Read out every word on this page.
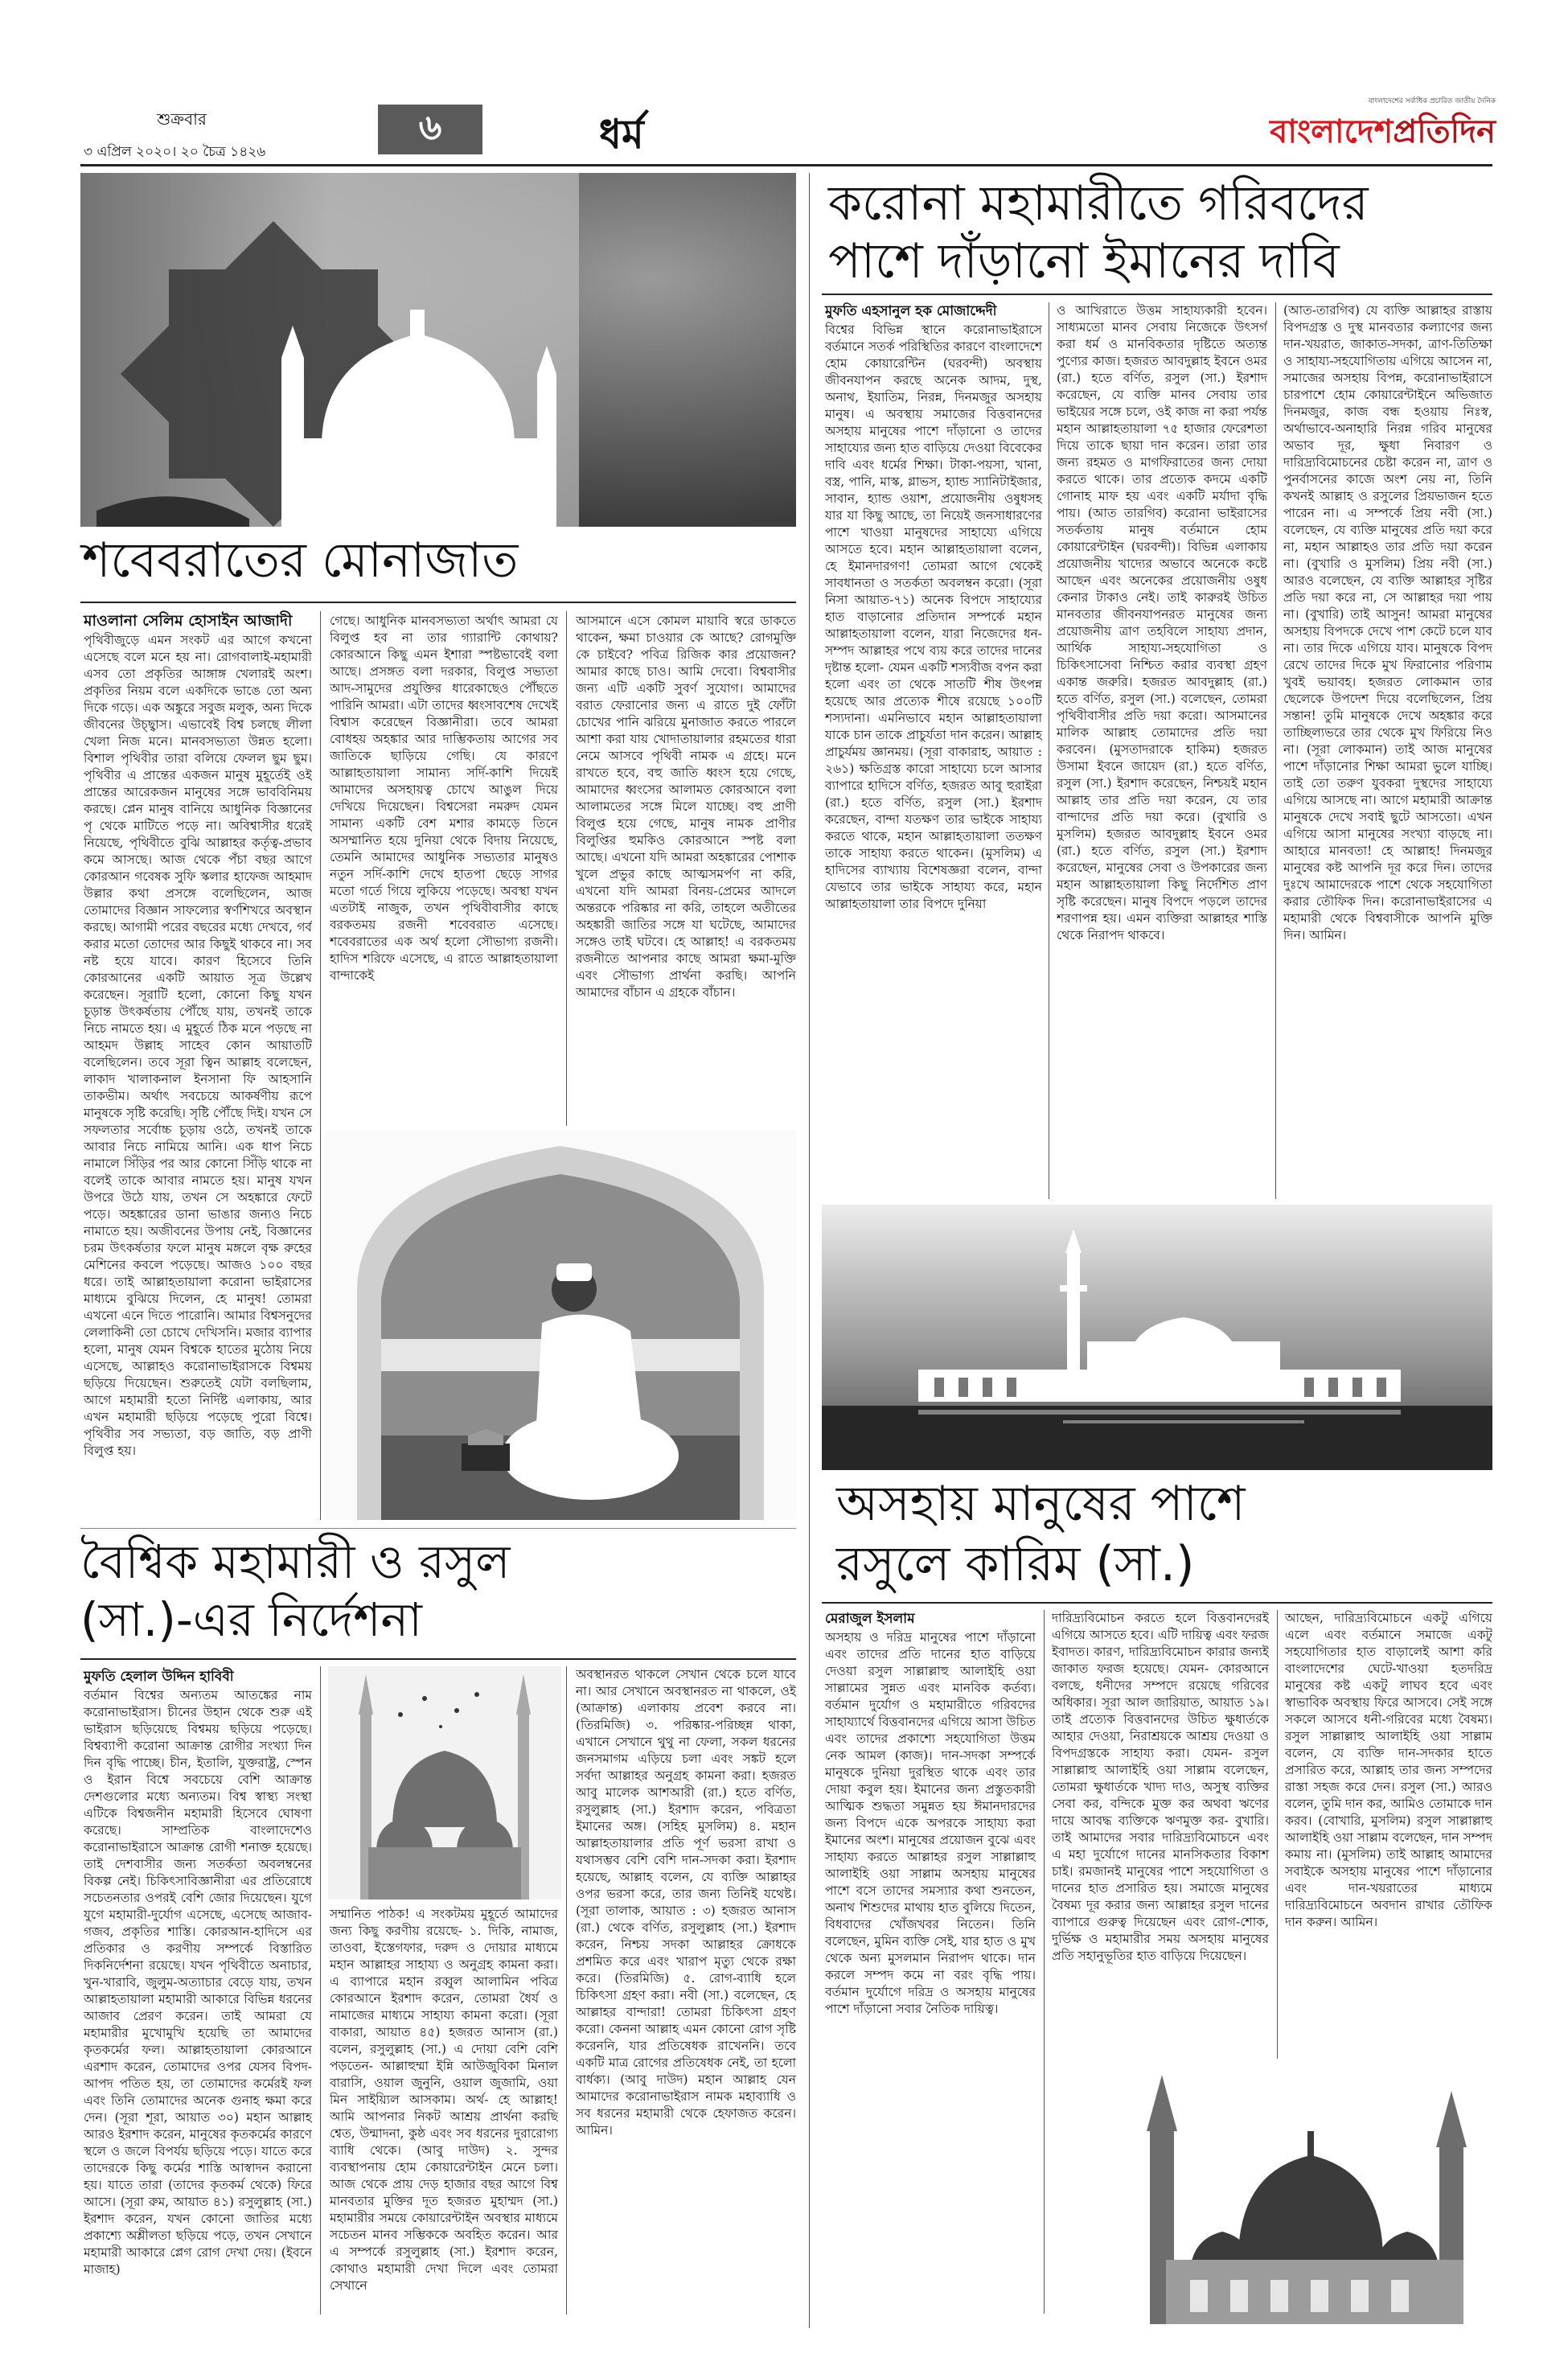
শুক্রবার
৩ এপ্রিল ২০২০। ২০ চৈত্র ১৪২৬
৬	ধর্ম
বাংলাদেশের সর্বাধিক প্রচারিত জাতীয় দৈনিক
বাংলাদেশপ্রতিদিন
শবেবরাতের মোনাজাত
মাওলানা সেলিম হোসাইন আজাদী

পৃথিবীজুড়ে এমন সংকট এর আগে কখনো এসেছে বলে মনে হয় না। রোগবালাই-মহামারী এসব তো প্রকৃতির আঙ্গাঙ্গ খেলারই অংশ। প্রকৃতির নিয়ম বলে একদিকে ভাঙে তো অন্য দিকে গড়ে। এক অঙ্কুরে সবুজ মলুক, অন্য দিকে জীবনের উচ্ছ্বাস। এভাবেই বিশ্ব চলছে লীলা খেলা নিজ মনে। মানবসভ্যতা উন্নত হলো। বিশাল পৃথিবীর তারা বলিয়ে ফেলল ছুম ছুম। পৃথিবীর এ প্রান্তের একজন মানুষ মুহূর্তেই ওই প্রান্তের আরেকজন মানুষের সঙ্গে ভাববিনিময় করছে। প্লেন মানুষ বানিয়ে আধুনিক বিজ্ঞানের পৃ থেকে মাটিতে পড়ে না। অবিশ্বাসীর ধরেই নিয়েছে, পৃথিবীতে বুঝি আল্লাহর কর্তৃত্ব-প্রভাব কমে আসছে। আজ থেকে পঁচা বছর আগে কোরআন গবেষক সুফি স্কলার হাফেজ আহমাদ উল্লার কথা প্রসঙ্গে বলেছিলেন, আজ তোমাদের বিজ্ঞান সাফল্যের স্বর্ণশিখরে অবস্থান করছে। আগামী পরের বছরের মধ্যে দেখবে, গর্ব করার মতো তোদের আর কিছুই থাকবে না। সব নষ্ট হয়ে যাবে। কারণ হিসেবে তিনি কোরআনের একটি আয়াত সূত্র উল্লেখ করেছেন। সূরাটি হলো, কোনো কিছু যখন চূড়ান্ত উৎকর্ষতায় পৌঁছে যায়, তখনই তাকে নিচে নামতে হয়। এ মুহূর্তে ঠিক মনে পড়ছে না আহমদ উল্লাহ সাহেব কোন আয়াতটি বলেছিলেন। তবে সূরা ত্বিন আল্লাহ বলেছেন, লাকাদ খালাকনাল ইনসানা ফি আহসানি তাকভীম। অর্থাৎ সবচেয়ে আকর্ষণীয় রূপে মানুষকে সৃষ্টি করেছি। সৃষ্টি পৌঁছে দিই। যখন সে সফলতার সর্বোচ্চ চূড়ায় ওঠে, তখনই তাকে আবার নিচে নামিয়ে আনি। এক ধাপ নিচে নামালে সিঁড়ির পর আর কোনো সিঁড়ি থাকে না বলেই তাকে আবার নামতে হয়। মানুষ যখন উপরে উঠে যায়, তখন সে অহঙ্কারে ফেটে পড়ে। অহঙ্কারের ডানা ভাঙার জন্যও নিচে নামাতে হয়। অজীবনের উপায় নেই, বিজ্ঞানের চরম উৎকর্ষতার ফলে মানুষ মঙ্গলে বৃক্ষ রুহের মেশিনের কবলে পড়েছে। আজও ১০০ বছর ধরে। তাই আল্লাহতায়ালা করোনা ভাইরাসের মাধ্যমে বুঝিয়ে দিলেন, হে মানুষ! তোমরা এখনো এনে দিতে পারোনি। আমার বিশ্বসনুদের লেলাকিনী তো চোখে দেখিসনি। মজার ব্যাপার হলো, মানুষ যেমন বিশ্বকে হাতের মুঠোয় নিয়ে এসেছে, আল্লাহও করোনাভাইরাসকে বিশ্বময় ছড়িয়ে দিয়েছেন। শুরুতেই যেটা বলছিলাম, আগে মহামারী হতো নির্দিষ্ট এলাকায়, আর এখন মহামারী ছড়িয়ে পড়েছে পুরো বিশ্বে। পৃথিবীর সব সভ্যতা, বড় জাতি, বড় প্রাণী বিলুপ্ত হয়।

গেছে। আধুনিক মানবসভ্যতা অর্থাৎ আমরা যে বিলুপ্ত হব না তার গ্যারান্টি কোথায়? কোরআনে কিছু এমন ইশারা স্পষ্টভাবেই বলা আছে। প্রসঙ্গত বলা দরকার, বিলুপ্ত সভ্যতা আদ-সামুদের প্রযুক্তির ধারেকাছেও পৌঁছতে পারিনি আমরা। এটা তাদের ধ্বংসাবশেষ দেখেই বিশ্বাস করেছেন বিজ্ঞানীরা। তবে আমরা বোধহয় অহঙ্কার আর দাম্ভিকতায় আগের সব জাতিকে ছাড়িয়ে গেছি। যে কারণে আল্লাহতায়ালা সামান্য সর্দি-কাশি দিয়েই আমাদের অসহায়ত্ব চোখে আঙুল দিয়ে দেখিয়ে দিয়েছেন। বিশ্বসেরা নমরুদ যেমন সামান্য একটি বেশ মশার কামড়ে তিনে অসম্মানিত হয়ে দুনিয়া থেকে বিদায় নিয়েছে, তেমনি আমাদের আধুনিক সভ্যতার মানুষও নতুন সর্দি-কাশি দেখে হাতপা ছেড়ে সাগর মতো গর্তে গিয়ে লুকিয়ে পড়েছে। অবস্থা যখন এতটাই নাজুক, তখন পৃথিবীবাসীর কাছে বরকতময় রজনী শবেবরাত এসেছে। শবেবরাতের এক অর্থ হলো সৌভাগ্য রজনী। হাদিস শরিফে এসেছে, এ রাতে আল্লাহতায়ালা বান্দাকেই

আসমানে এসে কোমল মায়াবি স্বরে ডাকতে থাকেন, ক্ষমা চাওয়ার কে আছে? রোগমুক্তি কে চাইবে? পবিত্র রিজিক কার প্রয়োজন? আমার কাছে চাও। আমি দেবো। বিশ্ববাসীর জন্য এটি একটি সুবর্ণ সুযোগ। আমাদের বরাত ফেরানোর জন্য এ রাতে দুই ফোঁটা চোখের পানি ঝরিয়ে মুনাজাত করতে পারলে আশা করা যায় খোদাতায়ালার রহমতের ধারা নেমে আসবে পৃথিবী নামক এ গ্রহে। মনে রাখতে হবে, বহু জাতি ধ্বংস হয়ে গেছে, আমাদের ধ্বংসের আলামত কোরআনে বলা আলামতের সঙ্গে মিলে যাচ্ছে। বহু প্রাণী বিলুপ্ত হয়ে গেছে, মানুষ নামক প্রাণীর বিলুপ্তির হুমকিও কোরআনে স্পষ্ট বলা আছে। এখনো যদি আমরা অহঙ্কারের পোশাক খুলে প্রভুর কাছে আত্মসমর্পণ না করি, এখনো যদি আমরা বিনয়-প্রেমের আদলে অন্তরকে পরিষ্কার না করি, তাহলে অতীতের অহঙ্কারী জাতির সঙ্গে যা ঘটেছে, আমাদের সঙ্গেও তাই ঘটবে। হে আল্লাহ! এ বরকতময় রজনীতে আপনার কাছে আমরা ক্ষমা-মুক্তি এবং সৌভাগ্য প্রার্থনা করছি। আপনি আমাদের বাঁচান এ গ্রহকে বাঁচান।

করোনা মহামারীতে গরিবদের
পাশে দাঁড়ানো ইমানের দাবি
মুফতি এহসানুল হক মোজাদ্দেদী

বিশ্বের বিভিন্ন স্থানে করোনাভাইরাসে বর্তমানে সতর্ক পরিস্থিতির কারণে বাংলাদেশে হোম কোয়ারেন্টিন (ঘরবন্দী) অবস্থায় জীবনযাপন করছে অনেক আদম, দুস্থ, অনাথ, ইয়াতিম, নিরন্ন, দিনমজুর অসহায় মানুষ। এ অবস্থায় সমাজের বিত্তবানদের অসহায় মানুষের পাশে দাঁড়ানো ও তাদের সাহায্যের জন্য হাত বাড়িয়ে দেওয়া বিবেকের দাবি এবং ধর্মের শিক্ষা। টাকা-পয়সা, খানা, বস্ত্র, পানি, মাস্ক, গ্লাভস, হ্যান্ড স্যানিটাইজার, সাবান, হ্যান্ড ওয়াশ, প্রয়োজনীয় ওষুধসহ যার যা কিছু আছে, তা নিয়েই জনসাধারণের পাশে খাওয়া মানুষদের সাহায্যে এগিয়ে আসতে হবে। মহান আল্লাহতায়ালা বলেন, হে ইমানদারগণ! তোমরা আগে থেকেই সাবধানতা ও সতর্কতা অবলম্বন করো। (সূরা নিসা আয়াত-৭১) অনেক বিপদে সাহায্যের হাত বাড়ানোর প্রতিদান সম্পর্কে মহান আল্লাহতায়ালা বলেন, যারা নিজেদের ধন-সম্পদ আল্লাহর পথে ব্যয় করে তাদের দানের দৃষ্টান্ত হলো- যেমন একটি শস্যবীজ বপন করা হলো এবং তা থেকে সাতটি শীষ উৎপন্ন হয়েছে আর প্রত্যেক শীষে রয়েছে ১০০টি শস্যদানা। এমনিভাবে মহান আল্লাহতায়ালা যাকে চান তাকে প্রাচুর্যতা দান করেন। আল্লাহ প্রাচুর্যময় জ্ঞানময়। (সূরা বাকারাহ, আয়াত : ২৬১) ক্ষতিগ্রস্ত কারো সাহায্যে চলে আসার ব্যাপারে হাদিসে বর্ণিত, হজরত আবু হুরাইরা (রা.) হতে বর্ণিত, রসুল (সা.) ইরশাদ করেছেন, বান্দা যতক্ষণ তার ভাইকে সাহায্য করতে থাকে, মহান আল্লাহতায়ালা ততক্ষণ তাকে সাহায্য করতে থাকেন। (মুসলিম) এ হাদিসের ব্যাখ্যায় বিশেষজ্ঞরা বলেন, বান্দা যেভাবে তার ভাইকে সাহায্য করে, মহান আল্লাহতায়ালা তার বিপদে দুনিয়া

ও আখিরাতে উত্তম সাহায্যকারী হবেন। সাধ্যমতো মানব সেবায় নিজেকে উৎসর্গ করা ধর্ম ও মানবিকতার দৃষ্টিতে অত্যন্ত পুণ্যের কাজ। হজরত আবদুল্লাহ ইবনে ওমর (রা.) হতে বর্ণিত, রসুল (সা.) ইরশাদ করেছেন, যে ব্যক্তি মানব সেবায় তার ভাইয়ের সঙ্গে চলে, ওই কাজ না করা পর্যন্ত মহান আল্লাহতায়ালা ৭৫ হাজার ফেরেশতা দিয়ে তাকে ছায়া দান করেন। তারা তার জন্য রহমত ও মাগফিরাতের জন্য দোয়া করতে থাকে। তার প্রত্যেক কদমে একটি গোনাহ মাফ হয় এবং একটি মর্যাদা বৃদ্ধি পায়। (আত তারগিব) করোনা ভাইরাসের সতর্কতায় মানুষ বর্তমানে হোম কোয়ারেন্টাইন (ঘরবন্দী)। বিভিন্ন এলাকায় প্রয়োজনীয় খাদ্যের অভাবে অনেকে কষ্টে আছেন এবং অনেকের প্রয়োজনীয় ওষুধ কেনার টাকাও নেই। তাই কারুরই উচিত মানবতার জীবনযাপনরত মানুষের জন্য প্রয়োজনীয় ত্রাণ তহবিলে সাহায্য প্রদান, আর্থিক সাহায্য-সহযোগিতা ও চিকিৎসাসেবা নিশ্চিত করার ব্যবস্থা গ্রহণ একান্ত জরুরি। হজরত আবদুল্লাহ (রা.) হতে বর্ণিত, রসুল (সা.) বলেছেন, তোমরা পৃথিবীবাসীর প্রতি দয়া করো। আসমানের মালিক আল্লাহ তোমাদের প্রতি দয়া করবেন। (মুসতাদরাকে হাকিম) হজরত উসামা ইবনে জায়েদ (রা.) হতে বর্ণিত, রসুল (সা.) ইরশাদ করেছেন, নিশ্চয়ই মহান আল্লাহ তার প্রতি দয়া করেন, যে তার বান্দাদের প্রতি দয়া করে। (বুখারি ও মুসলিম) হজরত আবদুল্লাহ ইবনে ওমর (রা.) হতে বর্ণিত, রসুল (সা.) ইরশাদ করেছেন, মানুষের সেবা ও উপকারের জন্য মহান আল্লাহতায়ালা কিছু নির্দেশিত প্রাণ সৃষ্টি করেছেন। মানুষ বিপদে পড়লে তাদের শরণাপন্ন হয়। এমন ব্যক্তিরা আল্লাহর শাস্তি থেকে নিরাপদ থাকবে।

(আত-তারগিব) যে ব্যক্তি আল্লাহর রাস্তায় বিপদগ্রস্ত ও দুস্থ মানবতার কল্যাণের জন্য দান-খয়রাত, জাকাত-সদকা, ত্রাণ-তিতিক্ষা ও সাহায্য-সহযোগিতায় এগিয়ে আসেন না, সমাজের অসহায় বিপন্ন, করোনাভাইরাসে চারপাশে হোম কোয়ারেন্টাইনে অভিজাত দিনমজুর, কাজ বন্ধ হওয়ায় নিঃস্ব, অর্থাভাবে-অনাহারি নিরন্ন গরিব মানুষের অভাব দূর, ক্ষুধা নিবারণ ও দারিদ্র্যবিমোচনের চেষ্টা করেন না, ত্রাণ ও পুনর্বাসনের কাজে অংশ নেয় না, তিনি কখনই আল্লাহ ও রসুলের প্রিয়ভাজন হতে পারেন না। এ সম্পর্কে প্রিয় নবী (সা.) বলেছেন, যে ব্যক্তি মানুষের প্রতি দয়া করে না, মহান আল্লাহও তার প্রতি দয়া করেন না। (বুখারি ও মুসলিম) প্রিয় নবী (সা.) আরও বলেছেন, যে ব্যক্তি আল্লাহর সৃষ্টির প্রতি দয়া করে না, সে আল্লাহর দয়া পায় না। (বুখারি) তাই আসুন! আমরা মানুষের অসহায় বিপদকে দেখে পাশ কেটে চলে যাব না। তার দিকে এগিয়ে যাব। মানুষকে বিপদ রেখে তাদের দিকে মুখ ফিরানোর পরিণাম খুবই ভয়াবহ। হজরত লোকমান তার ছেলেকে উপদেশ দিয়ে বলেছিলেন, প্রিয় সন্তান! তুমি মানুষকে দেখে অহঙ্কার করে তাচ্ছিল্যভরে তার থেকে মুখ ফিরিয়ে নিও না। (সূরা লোকমান) তাই আজ মানুষের পাশে দাঁড়ানোর শিক্ষা আমরা ভুলে যাচ্ছি। তাই তো তরুণ যুবকরা দুস্থদের সাহায্যে এগিয়ে আসছে না। আগে মহামারী আক্রান্ত মানুষকে দেখে সবাই ছুটে আসতো। এখন এগিয়ে আসা মানুষের সংখ্যা বাড়ছে না। আহারে মানবতা! হে আল্লাহ! দিনমজুর মানুষের কষ্ট আপনি দূর করে দিন। তাদের দুঃখে আমাদেরকে পাশে থেকে সহযোগিতা করার তৌফিক দিন। করোনাভাইরাসের এ মহামারী থেকে বিশ্ববাসীকে আপনি মুক্তি দিন। আমিন।

অসহায় মানুষের পাশে
রসুলে কারিম (সা.)
মেরাজুল ইসলাম

অসহায় ও দরিদ্র মানুষের পাশে দাঁড়ানো এবং তাদের প্রতি দানের হাত বাড়িয়ে দেওয়া রসুল সাল্লাল্লাহু আলাইহি ওয়া সাল্লামের সুন্নত এবং মানবিক কর্তব্য। বর্তমান দুর্যোগ ও মহামারীতে গরিবদের সাহায্যার্থে বিত্তবানদের এগিয়ে আসা উচিত এবং তাদের প্রকাশ্যে সহযোগিতা উত্তম নেক আমল (কাজ)। দান-সদকা সম্পর্কে মানুষকে দুনিয়া দুরস্থিত থাকে এবং তার দোয়া কবুল হয়। ইমানের জন্য প্রস্তুতকারী আত্মিক শুদ্ধতা সমুন্নত হয় ঈমানদারদের জন্য বিপদে একে অপরকে সাহায্য করা ইমানের অংশ। মানুষের প্রয়োজন বুঝে এবং সাহায্য করতে আল্লাহর রসুল সাল্লাল্লাহু আলাইহি ওয়া সাল্লাম অসহায় মানুষের পাশে বসে তাদের সমস্যার কথা শুনতেন, অনাথ শিশুদের মাথায় হাত বুলিয়ে দিতেন, বিধবাদের খোঁজখবর নিতেন। তিনি বলেছেন, মুমিন ব্যক্তি সেই, যার হাত ও মুখ থেকে অন্য মুসলমান নিরাপদ থাকে। দান করলে সম্পদ কমে না বরং বৃদ্ধি পায়। বর্তমান দুর্যোগে দরিদ্র ও অসহায় মানুষের পাশে দাঁড়ানো সবার নৈতিক দায়িত্ব।

দারিদ্র্যবিমোচন করতে হলে বিত্তবানদেরই এগিয়ে আসতে হবে। এটি দায়িত্ব এবং ফরজ ইবাদত। কারণ, দারিদ্র্যবিমোচন কারার জন্যই জাকাত ফরজ হয়েছে। যেমন- কোরআনে বলছে, ধনীদের সম্পদে রয়েছে গরিবের অধিকার। সূরা আল জারিয়াত, আয়াত ১৯। তাই প্রত্যেক বিত্তবানদের উচিত ক্ষুধার্তকে আহার দেওয়া, নিরাশ্রয়কে আশ্রয় দেওয়া ও বিপদগ্রস্তকে সাহায্য করা। যেমন- রসুল সাল্লাল্লাহু আলাইহি ওয়া সাল্লাম বলেছেন, তোমরা ক্ষুধার্তকে খাদ্য দাও, অসুস্থ ব্যক্তির সেবা কর, বন্দিকে মুক্ত কর অথবা ঋণের দায়ে আবদ্ধ ব্যক্তিকে ঋণমুক্ত কর- বুখারি। তাই আমাদের সবার দারিদ্র্যবিমোচনে এবং এ মহা দুর্যোগে দানের মানসিকতার বিকাশ চাই। রমজানই মানুষের পাশে সহযোগিতা ও দানের হাত প্রসারিত হয়। সমাজে মানুষের বৈষম্য দূর করার জন্য আল্লাহর রসুল দানের ব্যাপারে গুরুত্ব দিয়েছেন এবং রোগ-শোক, দুর্ভিক্ষ ও মহামারীর সময় অসহায় মানুষের প্রতি সহানুভূতির হাত বাড়িয়ে দিয়েছেন।

আছেন, দারিদ্র্যবিমোচনে একটু এগিয়ে এলে এবং বর্তমানে সমাজে একটু সহযোগিতার হাত বাড়ালেই আশা করি বাংলাদেশের ঘেটে-খাওয়া হতদরিদ্র মানুষের কষ্ট একটু লাঘব হবে এবং স্বাভাবিক অবস্থায় ফিরে আসবে। সেই সঙ্গে সকলে আসবে ধনী-গরিবের মধ্যে বৈষম্য। রসুল সাল্লাল্লাহু আলাইহি ওয়া সাল্লাম বলেন, যে ব্যক্তি দান-সদকার হাতে প্রসারিত করে, আল্লাহ তার জন্য সম্পদের রাস্তা সহজ করে দেন। রসুল (সা.) আরও বলেন, তুমি দান কর, আমিও তোমাকে দান করব। (বোখারি, মুসলিম) রসুল সাল্লাল্লাহু আলাইহি ওয়া সাল্লাম বলেছেন, দান সম্পদ কমায় না। (মুসলিম) তাই আল্লাহ আমাদের সবাইকে অসহায় মানুষের পাশে দাঁড়ানোর এবং দান-খয়রাতের মাধ্যমে দারিদ্র্যবিমোচনে অবদান রাখার তৌফিক দান করুন। আমিন।

বৈশ্বিক মহামারী ও রসুল
(সা.)-এর নির্দেশনা
মুফতি হেলাল উদ্দিন হাবিবী

বর্তমান বিশ্বের অন্যতম আতঙ্কের নাম করোনাভাইরাস। চীনের উহান থেকে শুরু এই ভাইরাস ছড়িয়েছে বিশ্বময় ছড়িয়ে পড়েছে। বিশ্বব্যাপী করোনা আক্রান্ত রোগীর সংখ্যা দিন দিন বৃদ্ধি পাচ্ছে। চীন, ইতালি, যুক্তরাষ্ট্র, স্পেন ও ইরান বিশ্বে সবচেয়ে বেশি আক্রান্ত দেশগুলোর মধ্যে অন্যতম। বিশ্ব স্বাস্থ্য সংস্থা এটিকে বিশ্বজনীন মহামারী হিসেবে ঘোষণা করেছে। সাম্প্রতিক বাংলাদেশেও করোনাভাইরাসে আক্রান্ত রোগী শনাক্ত হয়েছে। তাই দেশবাসীর জন্য সতর্কতা অবলম্বনের বিকল্প নেই। চিকিৎসাবিজ্ঞানীরা এর প্রতিরোধে সচেতনতার ওপরই বেশি জোর দিয়েছেন। যুগে যুগে মহামারী-দুর্যোগ এসেছে, এসেছে আজাব-গজব, প্রকৃতির শাস্তি। কোরআন-হাদিসে এর প্রতিকার ও করণীয় সম্পর্কে বিস্তারিত দিকনির্দেশনা রয়েছে। যখন পৃথিবীতে অনাচার, খুন-খারাবি, জুলুম-অত্যাচার বেড়ে যায়, তখন আল্লাহতায়ালা মহামারী আকারে বিভিন্ন ধরনের আজাব প্রেরণ করেন। তাই আমরা যে মহামারীর মুখোমুখি হয়েছি তা আমাদের কৃতকর্মের ফল। আল্লাহতায়ালা কোরআনে এরশাদ করেন, তোমাদের ওপর যেসব বিপদ-আপদ পতিত হয়, তা তোমাদের কর্মেরই ফল এবং তিনি তোমাদের অনেক গুনাহ ক্ষমা করে দেন। (সূরা শূরা, আয়াত ৩০) মহান আল্লাহ আরও ইরশাদ করেন, মানুষের কৃতকর্মের কারণে স্থলে ও জলে বিপর্যয় ছড়িয়ে পড়ে। যাতে করে তাদেরকে কিছু কর্মের শাস্তি আস্বাদন করানো হয়। যাতে তারা (তাদের কৃতকর্ম থেকে) ফিরে আসে। (সূরা রুম, আয়াত ৪১) রসুলুল্লাহ (সা.) ইরশাদ করেন, যখন কোনো জাতির মধ্যে প্রকাশ্যে অশ্লীলতা ছড়িয়ে পড়ে, তখন সেখানে মহামারী আকারে প্লেগ রোগ দেখা দেয়। (ইবনে মাজাহ)

সম্মানিত পাঠক! এ সংকটময় মুহূর্তে আমাদের জন্য কিছু করণীয় রয়েছে- ১. দিকি, নামাজ, তাওবা, ইস্তেগফার, দরুদ ও দোয়ার মাধ্যমে মহান আল্লাহর সাহায্য ও অনুগ্রহ কামনা করা। এ ব্যাপারে মহান রব্বুল আলামিন পবিত্র কোরআনে ইরশাদ করেন, তোমরা ধৈর্য ও নামাজের মাধ্যমে সাহায্য কামনা করো। (সূরা বাকারা, আয়াত ৪৫) হজরত আনাস (রা.) বলেন, রসুলুল্লাহ (সা.) এ দোয়া বেশি বেশি পড়তেন- আল্লাহুম্মা ইন্নি আউজুবিকা মিনাল বারাসি, ওয়াল জুনুনি, ওয়াল জুজামি, ওয়া মিন সাইয়্যিল আসকাম। অর্থ- হে আল্লাহ! আমি আপনার নিকট আশ্রয় প্রার্থনা করছি শ্বেত, উন্মাদনা, কুষ্ঠ এবং সব ধরনের দুরারোগ্য ব্যাধি থেকে। (আবু দাউদ) ২. সুন্দর ব্যবস্থাপনায় হোম কোয়ারেন্টাইন মেনে চলা। আজ থেকে প্রায় দেড় হাজার বছর আগে বিশ্ব মানবতার মুক্তির দূত হজরত মুহাম্মদ (সা.) মহামারীর সময়ে কোয়ারেন্টাইন অবস্থার মাধ্যমে সচেতন মানব সম্ভিককে অবহিত করেন। আর এ সম্পর্কে রসুলুল্লাহ (সা.) ইরশাদ করেন, কোথাও মহামারী দেখা দিলে এবং তোমরা সেখানে

অবস্থানরত থাকলে সেখান থেকে চলে যাবে না। আর সেখানে অবস্থানরত না থাকলে, ওই (আক্রান্ত) এলাকায় প্রবেশ করবে না। (তিরমিজি) ৩. পরিষ্কার-পরিচ্ছন্ন থাকা, এখানে সেখানে থুথু না ফেলা, সকল ধরনের জনসমাগম এড়িয়ে চলা এবং সঙ্কট হলে সর্বদা আল্লাহর অনুগ্রহ কামনা করা। হজরত আবু মালেক আশআরী (রা.) হতে বর্ণিত, রসুলুল্লাহ (সা.) ইরশাদ করেন, পবিত্রতা ইমানের অঙ্গ। (সহিহ মুসলিম) ৪. মহান আল্লাহতায়ালার প্রতি পূর্ণ ভরসা রাখা ও যথাসম্ভব বেশি বেশি দান-সদকা করা। ইরশাদ হয়েছে, আল্লাহ বলেন, যে ব্যক্তি আল্লাহর ওপর ভরসা করে, তার জন্য তিনিই যথেষ্ট। (সূরা তালাক, আয়াত : ৩) হজরত আনাস (রা.) থেকে বর্ণিত, রসুলুল্লাহ (সা.) ইরশাদ করেন, নিশ্চয় সদকা আল্লাহর ক্রোধকে প্রশমিত করে এবং খারাপ মৃত্যু থেকে রক্ষা করে। (তিরমিজি) ৫. রোগ-ব্যাধি হলে চিকিৎসা গ্রহণ করা। নবী (সা.) বলেছেন, হে আল্লাহর বান্দারা! তোমরা চিকিৎসা গ্রহণ করো। কেননা আল্লাহ এমন কোনো রোগ সৃষ্টি করেননি, যার প্রতিষেধক রাখেননি। তবে একটি মাত্র রোগের প্রতিষেধক নেই, তা হলো বার্ধক্য। (আবু দাউদ) মহান আল্লাহ যেন আমাদের করোনাভাইরাস নামক মহাব্যাধি ও সব ধরনের মহামারী থেকে হেফাজত করেন। আমিন।
